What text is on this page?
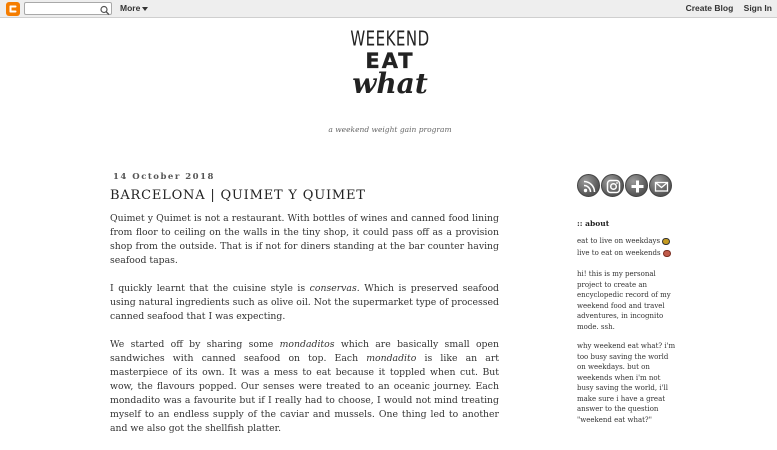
More	Create Blog Sign In
WEEKEND
EAT
what
a weekend weight gain program
14 October 2018
BARCELONA | QUIMET Y QUIMET

Quimet y Quimet is not a restaurant. With bottles of wines and canned food lining from floor to ceiling on the walls in the tiny shop, it could pass off as a provision shop from the outside. That is if not for diners standing at the bar counter having seafood tapas.

I quickly learnt that the cuisine style is conservas. Which is preserved seafood using natural ingredients such as olive oil. Not the supermarket type of processed canned seafood that I was expecting.

We started off by sharing some mondaditos which are basically small open sandwiches with canned seafood on top. Each mondadito is like an art masterpiece of its own. It was a mess to eat because it toppled when cut. But wow, the flavours popped. Our senses were treated to an oceanic journey. Each mondadito was a favourite but if I really had to choose, I would not mind treating myself to an endless supply of the caviar and mussels. One thing led to another and we also got the shellfish platter.

:: about
eat to live on weekdays
live to eat on weekends
hi! this is my personal project to create an encyclopedic record of my weekend food and travel adventures, in incognito mode. ssh.
why weekend eat what? i'm too busy saving the world on weekdays. but on weekends when i'm not busy saving the world, i'll make sure i have a great answer to the question "weekend eat what?"
